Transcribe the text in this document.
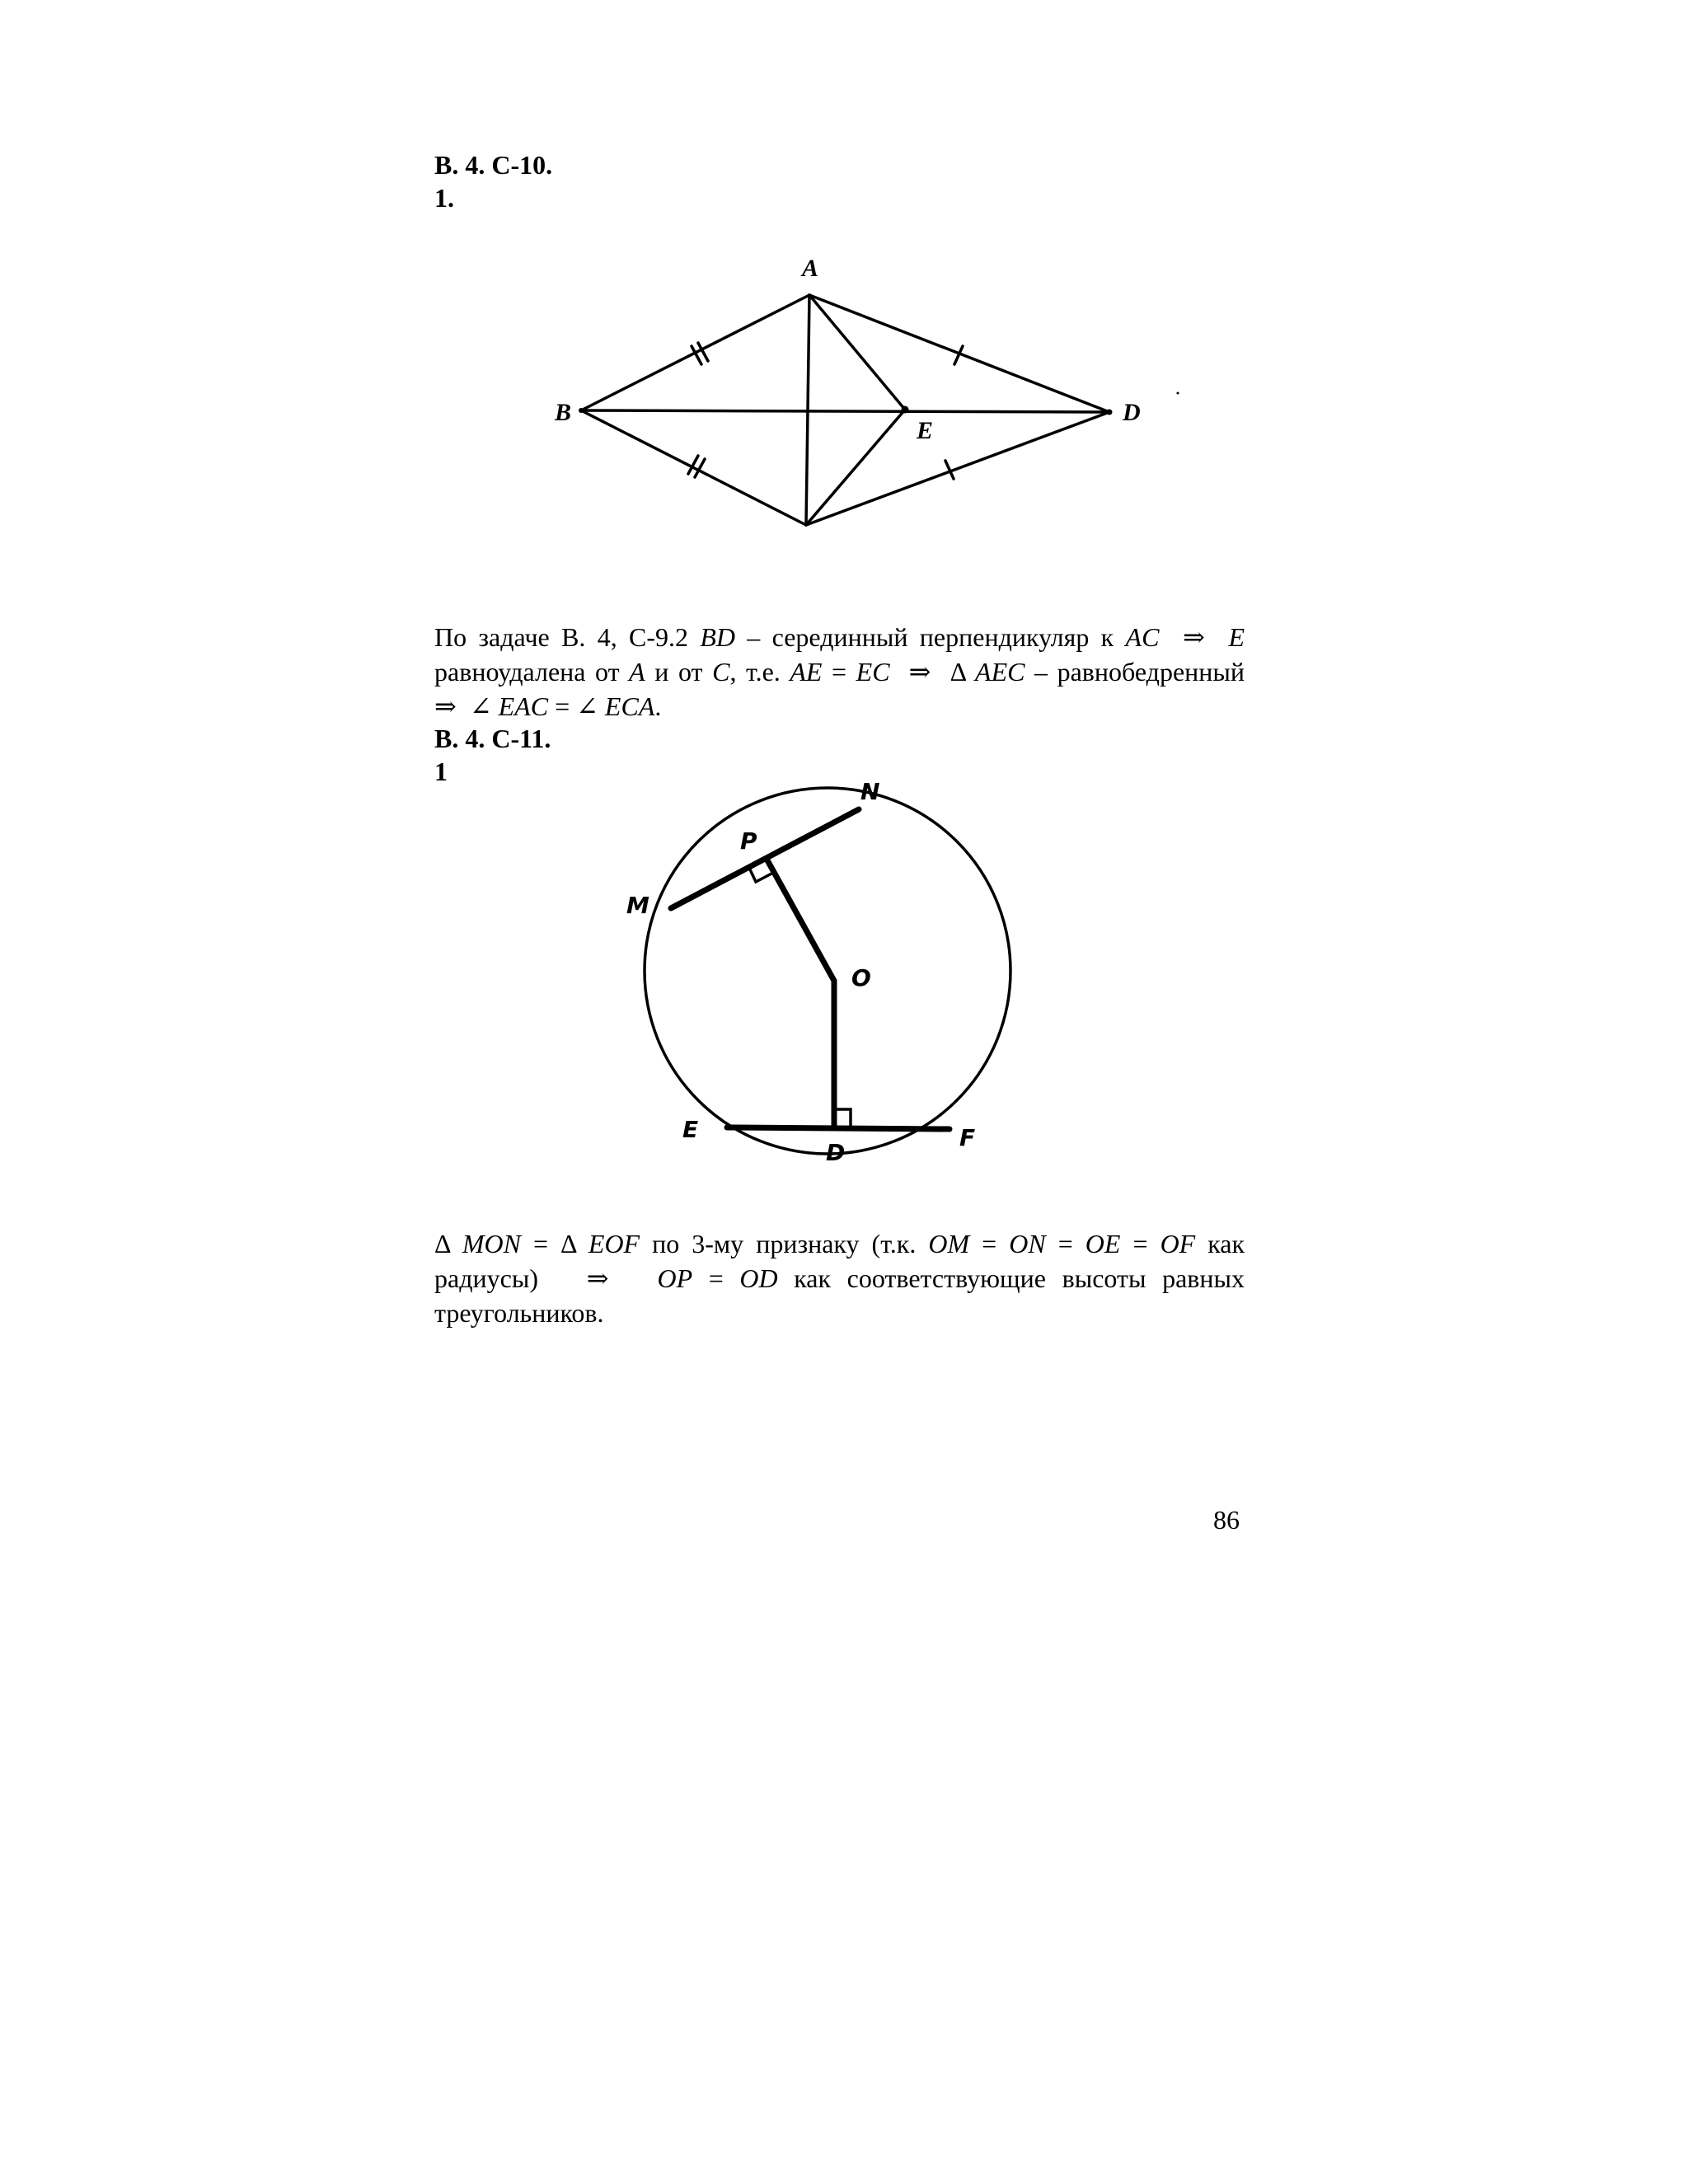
В. 4. С-10.
1.
A
B	D
E
По задаче В. 4, С-9.2 BD – серединный перпендикуляр к AC  ⇒  E
равноудалена от A и от C, т.е. AE = EC  ⇒  Δ AEC – равнобедренный
⇒  ∠ EAC = ∠ ECA.
В. 4. С-11.
1
N
P
M
O
E
D
F
Δ MON = Δ EOF по 3-му признаку (т.к. OM = ON = OE = OF как
радиусы)   ⇒   OP = OD как соответствующие высоты равных
треугольников.
86
